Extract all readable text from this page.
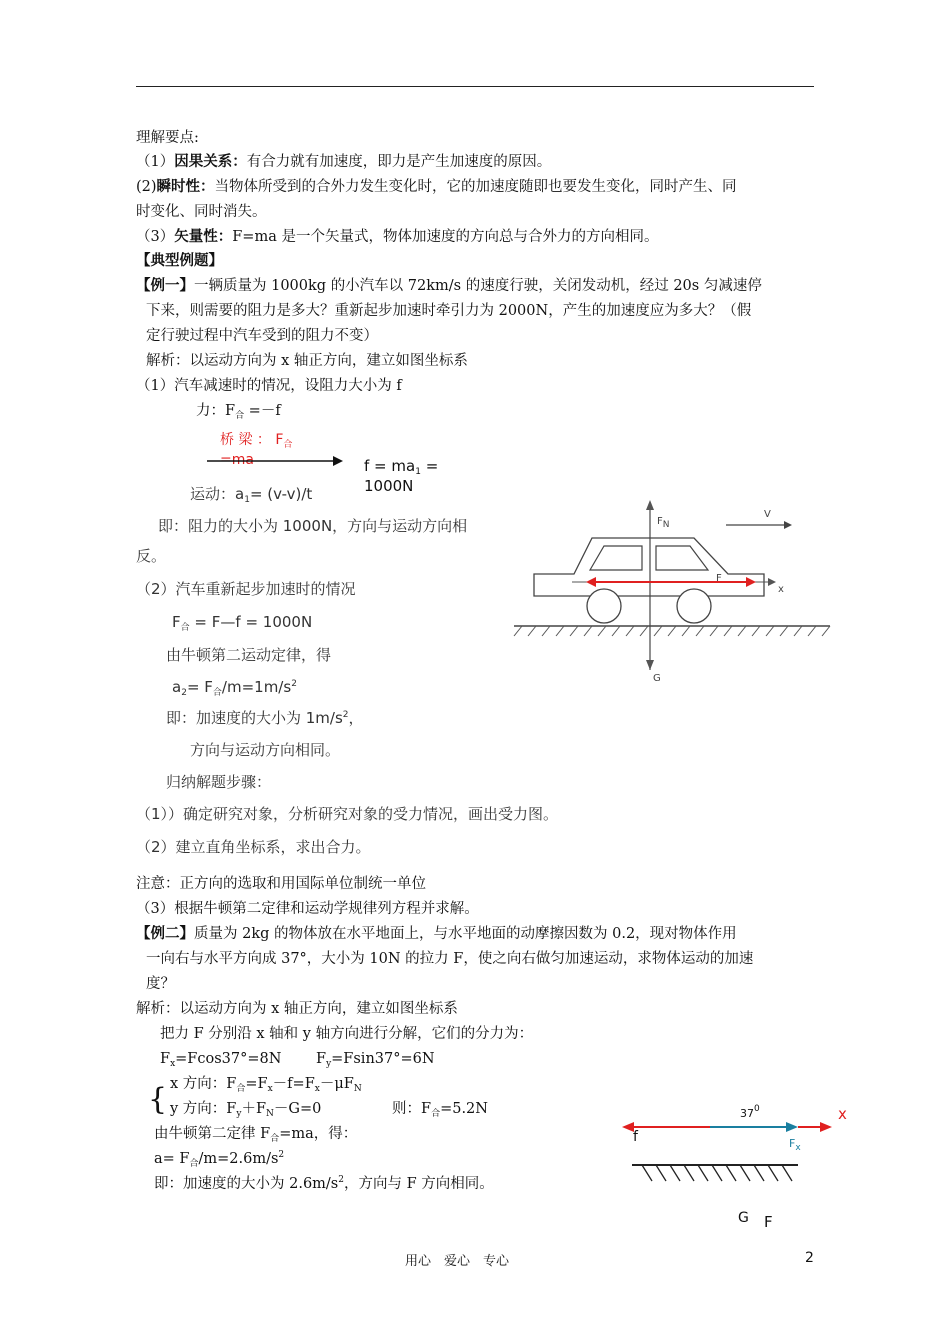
理解要点:
（1）因果关系：有合力就有加速度，即力是产生加速度的原因。
(2)瞬时性：当物体所受到的合外力发生变化时，它的加速度随即也要发生变化，同时产生、同
时变化、同时消失。
（3）矢量性：F=ma 是一个矢量式，物体加速度的方向总与合外力的方向相同。
【典型例题】
【例一】一辆质量为 1000kg 的小汽车以 72km/s 的速度行驶，关闭发动机，经过 20s 匀减速停
下来，则需要的阻力是多大？重新起步加速时牵引力为 2000N，产生的加速度应为多大？（假
定行驶过程中汽车受到的阻力不变）
解析：以运动方向为 x 轴正方向，建立如图坐标系
（1）汽车减速时的情况，设阻力大小为 f
力：$F_合 =-f$
桥 梁 ： $F_合$
=ma	$f = ma_1$ =
1000N
运动：$a_1= (v-v)/t$
即：阻力的大小为 1000N，方向与运动方向相
反。
（2）汽车重新起步加速时的情况
$F_合$ = F—f = 1000N
由牛顿第二运动定律，得
$a_2= F_合/m=1m/s^2$
即：加速度的大小为 $1m/s^2$，
方向与运动方向相同。
归纳解题步骤：
（1））确定研究对象，分析研究对象的受力情况，画出受力图。
（2）建立直角坐标系，求出合力。
FN
V
F
x
G
注意：正方向的选取和用国际单位制统一单位
（3）根据牛顿第二定律和运动学规律列方程并求解。
【例二】质量为 2kg 的物体放在水平地面上，与水平地面的动摩擦因数为 0.2，现对物体作用
一向右与水平方向成 37°，大小为 10N 的拉力 F，使之向右做匀加速运动，求物体运动的加速
度？
解析：以运动方向为 x 轴正方向，建立如图坐标系
把力 F 分别沿 x 轴和 y 轴方向进行分解，它们的分力为：
$F_x=Fcos37^\circ=8N$ $F_y=Fsin37^\circ=6N$
{ x 方向：$F_合=F_x-f=F_x-\mu F_N$
y 方向：$F_y+F_N-G=0$	则：$F_合=5.2N$
由牛顿第二定律 $F_合=ma$，得：
$a= F_合/m=2.6m/s^2$
即：加速度的大小为 $2.6m/s^2$，方向与 F 方向相同。
$37^0$	x
f	$F_x$
G F
用心　爱心　专心	2
